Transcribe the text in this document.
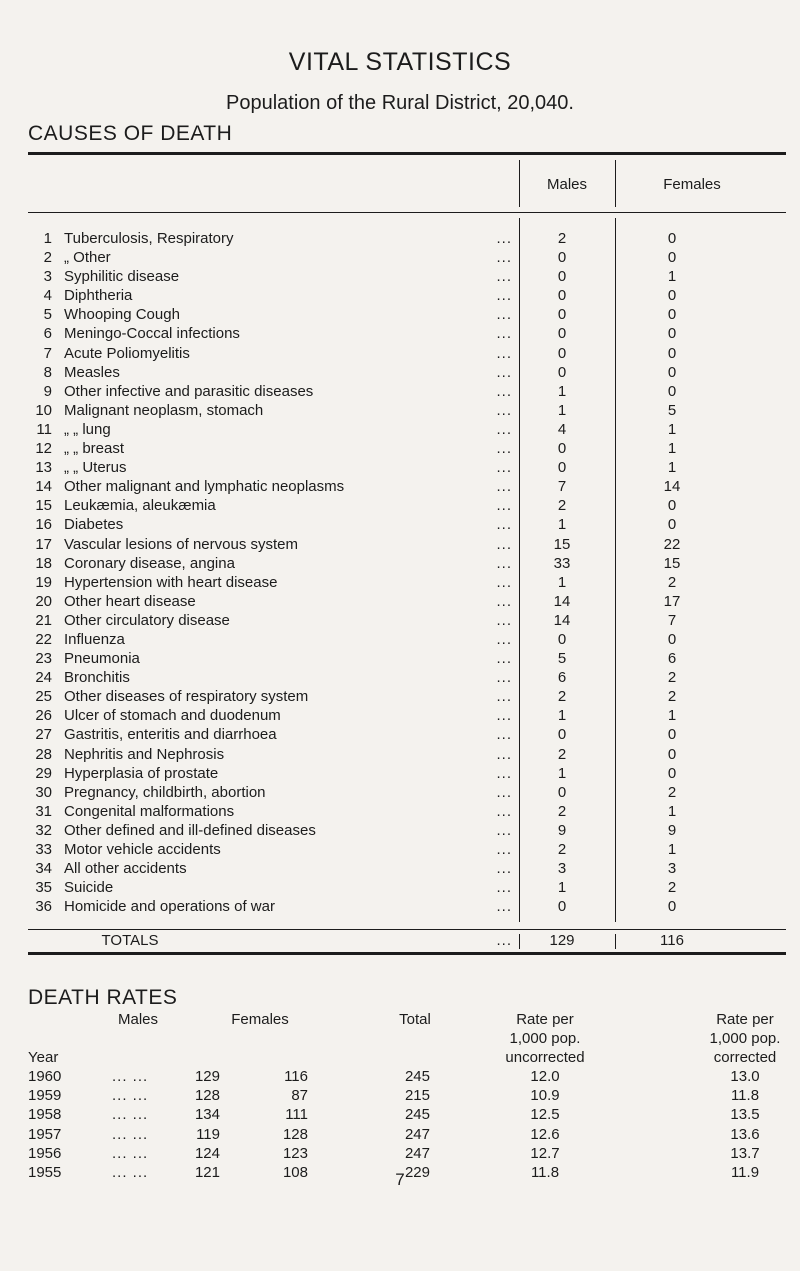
VITAL STATISTICS
Population of the Rural District, 20,040.
CAUSES OF DEATH
Males	Females
1 Tuberculosis, Respiratory	...	2	0
2 „ Other	...	0	0
3 Syphilitic disease	...	0	1
4 Diphtheria	...	0	0
5 Whooping Cough	...	0	0
6 Meningo-Coccal infections	...	0	0
7 Acute Poliomyelitis	...	0	0
8 Measles	...	0	0
9 Other infective and parasitic diseases	...	1	0
10 Malignant neoplasm, stomach	...	1	5
11 „ „ lung	...	4	1
12 „ „ breast	...	0	1
13 „ „ Uterus	...	0	1
14 Other malignant and lymphatic neoplasms	...	7	14
15 Leukæmia, aleukæmia	...	2	0
16 Diabetes	...	1	0
17 Vascular lesions of nervous system	...	15	22
18 Coronary disease, angina	...	33	15
19 Hypertension with heart disease	...	1	2
20 Other heart disease	...	14	17
21 Other circulatory disease	...	14	7
22 Influenza	...	0	0
23 Pneumonia	...	5	6
24 Bronchitis	...	6	2
25 Other diseases of respiratory system	...	2	2
26 Ulcer of stomach and duodenum	...	1	1
27 Gastritis, enteritis and diarrhoea	...	0	0
28 Nephritis and Nephrosis	...	2	0
29 Hyperplasia of prostate	...	1	0
30 Pregnancy, childbirth, abortion	...	0	2
31 Congenital malformations	...	2	1
32 Other defined and ill-defined diseases	...	9	9
33 Motor vehicle accidents	...	2	1
34 All other accidents	...	3	3
35 Suicide	...	1	2
36 Homicide and operations of war	...	0	0
TOTALS	...	129	116
DEATH RATES
Males	Females	Total	Rate per
1,000 pop.
uncorrected
Rate per
1,000 pop.
corrected
Year
1960	... ...	129	116	245	12.0	13.0
1959	... ...	128	87	215	10.9	11.8
1958	... ...	134	111	245	12.5	13.5
1957	... ...	119	128	247	12.6	13.6
1956	... ...	124	123	247	12.7	13.7
1955	... ...	121	108	229	11.8	11.9
7
